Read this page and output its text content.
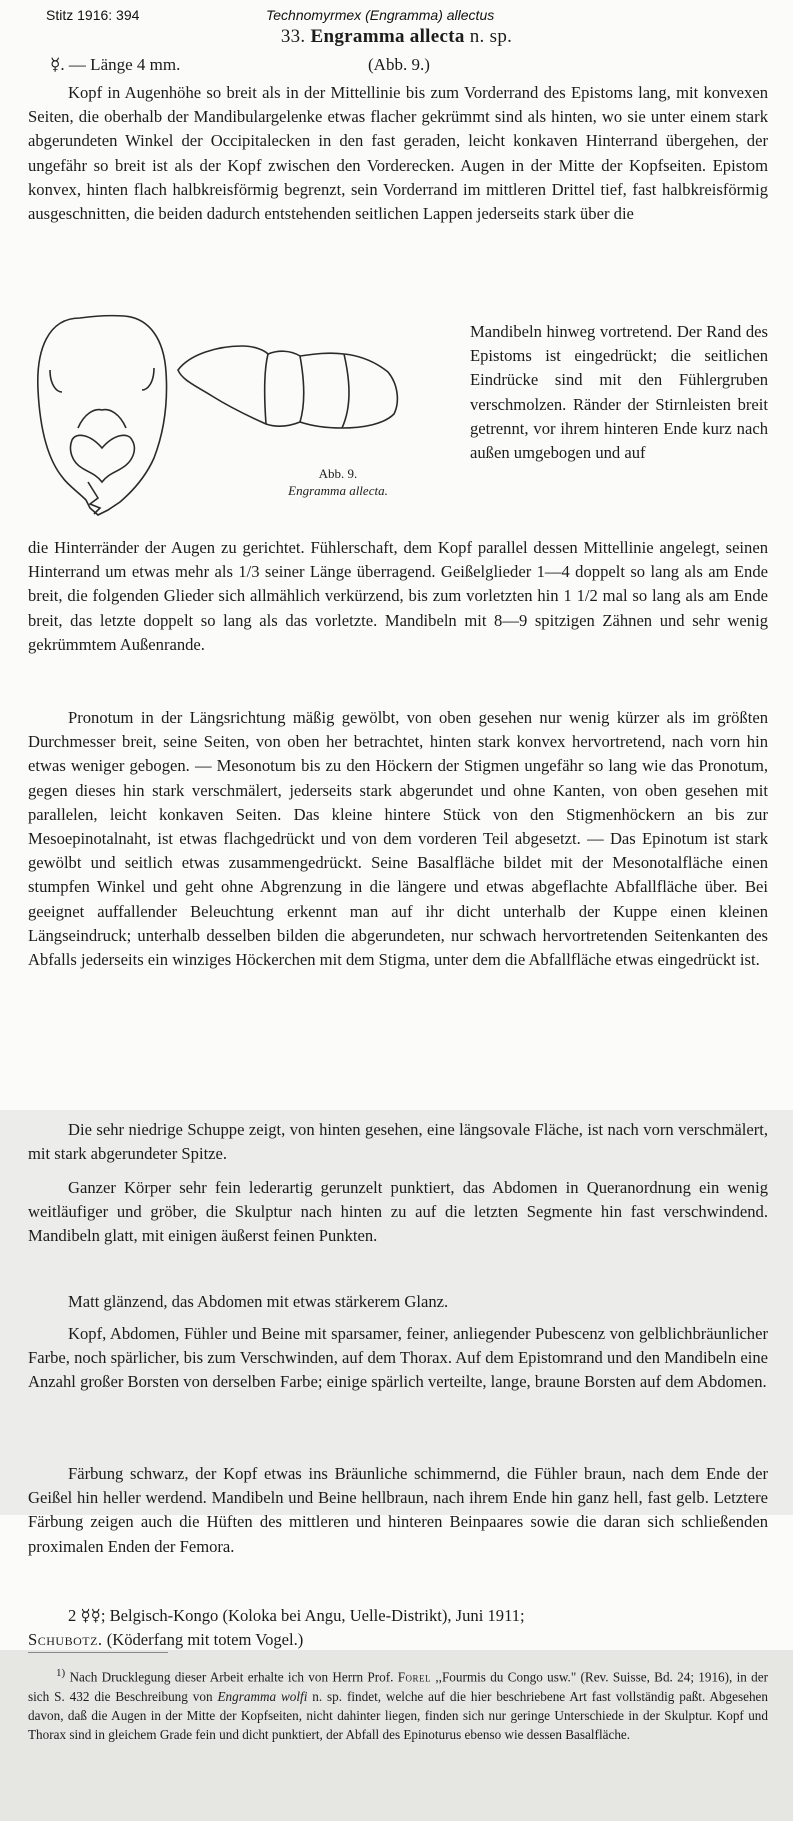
Stitz 1916: 394	Technomyrmex (Engramma) allectus
33. Engramma allecta n. sp.
☿. — Länge 4 mm.	(Abb. 9.)

Kopf in Augenhöhe so breit als in der Mittellinie bis zum Vorderrand des Epistoms lang, mit konvexen Seiten, die oberhalb der Mandibulargelenke etwas flacher gekrümmt sind als hinten, wo sie unter einem stark abgerundeten Winkel der Occipitalecken in den fast geraden, leicht konkaven Hinterrand übergehen, der ungefähr so breit ist als der Kopf zwischen den Vorderecken. Augen in der Mitte der Kopfseiten. Epistom konvex, hinten flach halbkreisförmig begrenzt, sein Vorderrand im mittleren Drittel tief, fast halbkreisförmig ausgeschnitten, die beiden dadurch entstehenden seitlichen Lappen jederseits stark über die

Abb. 9.
Engramma allecta.

Mandibeln hinweg vortretend. Der Rand des Epistoms ist eingedrückt; die seitlichen Eindrücke sind mit den Fühlergruben verschmolzen. Ränder der Stirnleisten breit getrennt, vor ihrem hinteren Ende kurz nach außen umgebogen und auf

die Hinterränder der Augen zu gerichtet. Fühlerschaft, dem Kopf parallel dessen Mittellinie angelegt, seinen Hinterrand um etwas mehr als 1/3 seiner Länge überragend. Geißelglieder 1—4 doppelt so lang als am Ende breit, die folgenden Glieder sich allmählich verkürzend, bis zum vorletzten hin 1 1/2 mal so lang als am Ende breit, das letzte doppelt so lang als das vorletzte. Mandibeln mit 8—9 spitzigen Zähnen und sehr wenig gekrümmtem Außenrande.

Pronotum in der Längsrichtung mäßig gewölbt, von oben gesehen nur wenig kürzer als im größten Durchmesser breit, seine Seiten, von oben her betrachtet, hinten stark konvex hervortretend, nach vorn hin etwas weniger gebogen. — Mesonotum bis zu den Höckern der Stigmen ungefähr so lang wie das Pronotum, gegen dieses hin stark verschmälert, jederseits stark abgerundet und ohne Kanten, von oben gesehen mit parallelen, leicht konkaven Seiten. Das kleine hintere Stück von den Stigmenhöckern an bis zur Mesoepinotalnaht, ist etwas flachgedrückt und von dem vorderen Teil abgesetzt. — Das Epinotum ist stark gewölbt und seitlich etwas zusammengedrückt. Seine Basalfläche bildet mit der Mesonotalfläche einen stumpfen Winkel und geht ohne Abgrenzung in die längere und etwas abgeflachte Abfallfläche über. Bei geeignet auffallender Beleuchtung erkennt man auf ihr dicht unterhalb der Kuppe einen kleinen Längseindruck; unterhalb desselben bilden die abgerundeten, nur schwach hervortretenden Seitenkanten des Abfalls jederseits ein winziges Höckerchen mit dem Stigma, unter dem die Abfallfläche etwas eingedrückt ist.

Die sehr niedrige Schuppe zeigt, von hinten gesehen, eine längsovale Fläche, ist nach vorn verschmälert, mit stark abgerundeter Spitze.

Ganzer Körper sehr fein lederartig gerunzelt punktiert, das Abdomen in Queranordnung ein wenig weitläufiger und gröber, die Skulptur nach hinten zu auf die letzten Segmente hin fast verschwindend. Mandibeln glatt, mit einigen äußerst feinen Punkten.

Matt glänzend, das Abdomen mit etwas stärkerem Glanz.

Kopf, Abdomen, Fühler und Beine mit sparsamer, feiner, anliegender Pubescenz von gelblichbräunlicher Farbe, noch spärlicher, bis zum Verschwinden, auf dem Thorax. Auf dem Epistomrand und den Mandibeln eine Anzahl großer Borsten von derselben Farbe; einige spärlich verteilte, lange, braune Borsten auf dem Abdomen.

Färbung schwarz, der Kopf etwas ins Bräunliche schimmernd, die Fühler braun, nach dem Ende der Geißel hin heller werdend. Mandibeln und Beine hellbraun, nach ihrem Ende hin ganz hell, fast gelb. Letztere Färbung zeigen auch die Hüften des mittleren und hinteren Beinpaares sowie die daran sich schließenden proximalen Enden der Femora.

2 ☿☿; Belgisch-Kongo (Koloka bei Angu, Uelle-Distrikt), Juni 1911;
Schubotz. (Köderfang mit totem Vogel.)

$^{1)}$ Nach Drucklegung dieser Arbeit erhalte ich von Herrn Prof. Forel ,,Fourmis du Congo usw." (Rev. Suisse, Bd. 24; 1916), in der sich S. 432 die Beschreibung von Engramma wolfi n. sp. findet, welche auf die hier beschriebene Art fast vollständig paßt. Abgesehen davon, daß die Augen in der Mitte der Kopfseiten, nicht dahinter liegen, finden sich nur geringe Unterschiede in der Skulptur. Kopf und Thorax sind in gleichem Grade fein und dicht punktiert, der Abfall des Epinoturus ebenso wie dessen Basalfläche.
